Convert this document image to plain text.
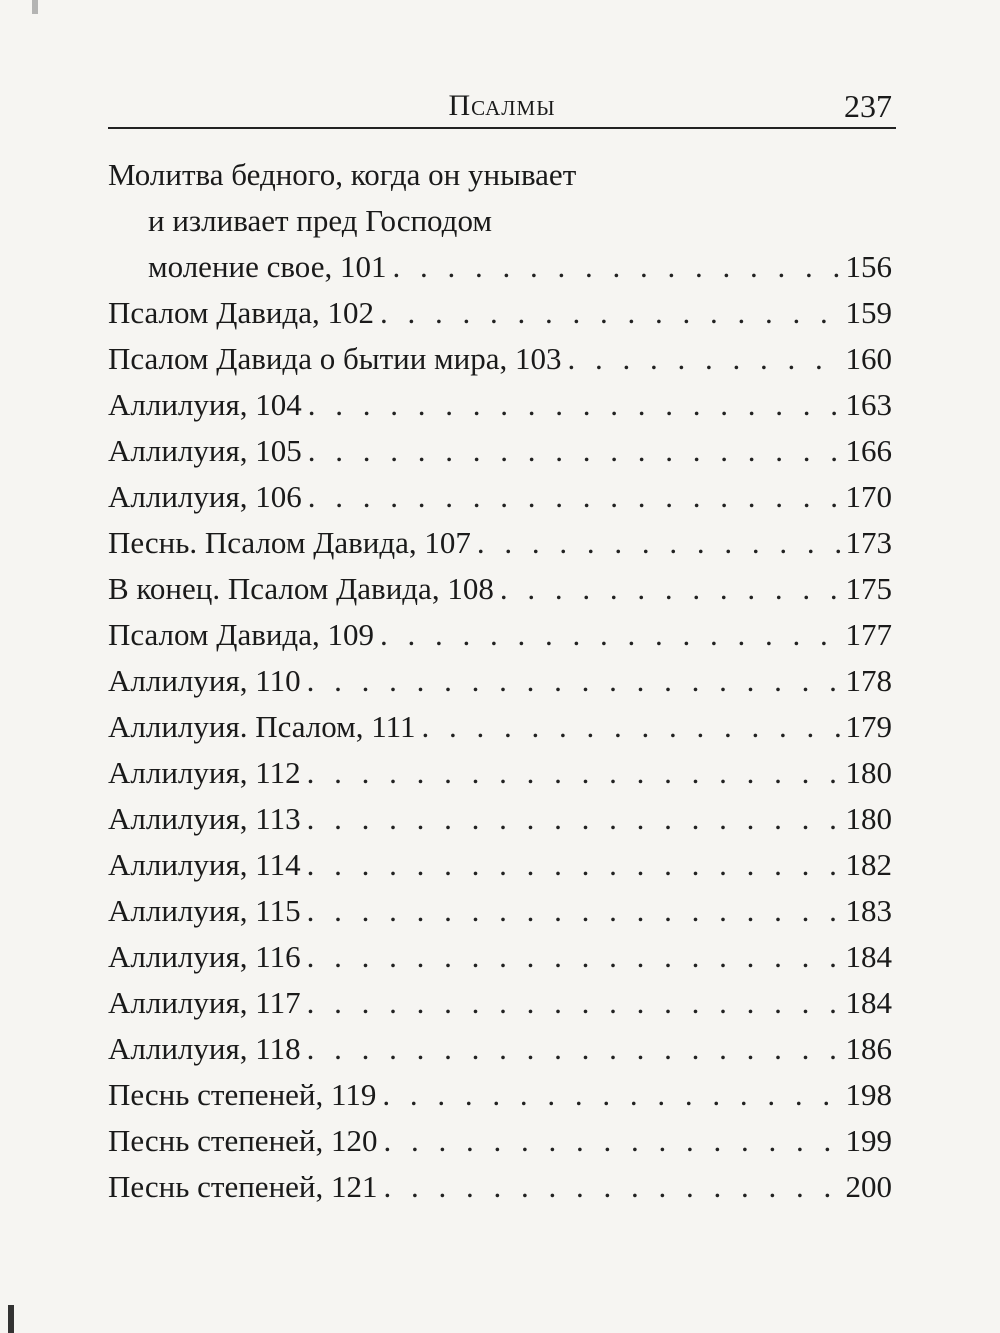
Псалмы	237
Молитва бедного, когда он унывает
и изливает пред Господом
моление свое, 101 . . .	156
Псалом Давида, 102 . . .	159
Псалом Давида о бытии мира, 103 . . .	160
Аллилуия, 104 . . .	163
Аллилуия, 105 . . .	166
Аллилуия, 106 . . .	170
Песнь. Псалом Давида, 107 . . .	173
В конец. Псалом Давида, 108 . . .	175
Псалом Давида, 109 . . .	177
Аллилуия, 110 . . .	178
Аллилуия. Псалом, 111 . . .	179
Аллилуия, 112 . . .	180
Аллилуия, 113 . . .	180
Аллилуия, 114 . . .	182
Аллилуия, 115 . . .	183
Аллилуия, 116 . . .	184
Аллилуия, 117 . . .	184
Аллилуия, 118 . . .	186
Песнь степеней, 119 . . .	198
Песнь степеней, 120 . . .	199
Песнь степеней, 121 . . .	200
